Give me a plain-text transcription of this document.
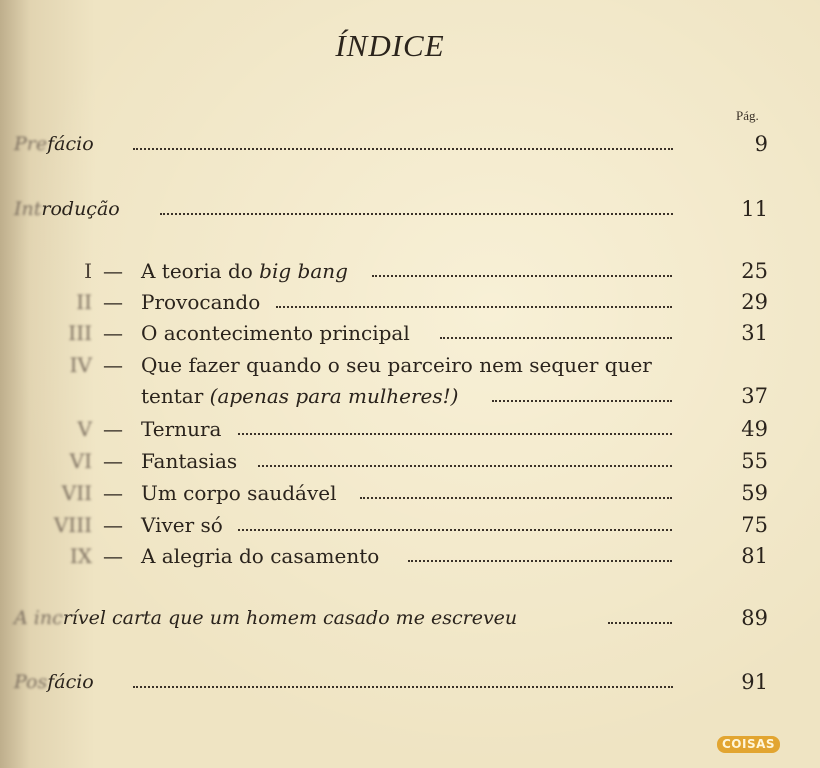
ÍNDICE
Pág.
Prefácio	9
Introdução	11
I — A teoria do big bang	25
II — Provocando	29
III — O acontecimento principal	31
IV — Que fazer quando o seu parceiro nem sequer quer
tentar (apenas para mulheres!)	37
V — Ternura	49
VI — Fantasias	55
VII — Um corpo saudável	59
VIII — Viver só	75
IX — A alegria do casamento	81
A incrível carta que um homem casado me escreveu	89
Posfácio	91
COISAS
